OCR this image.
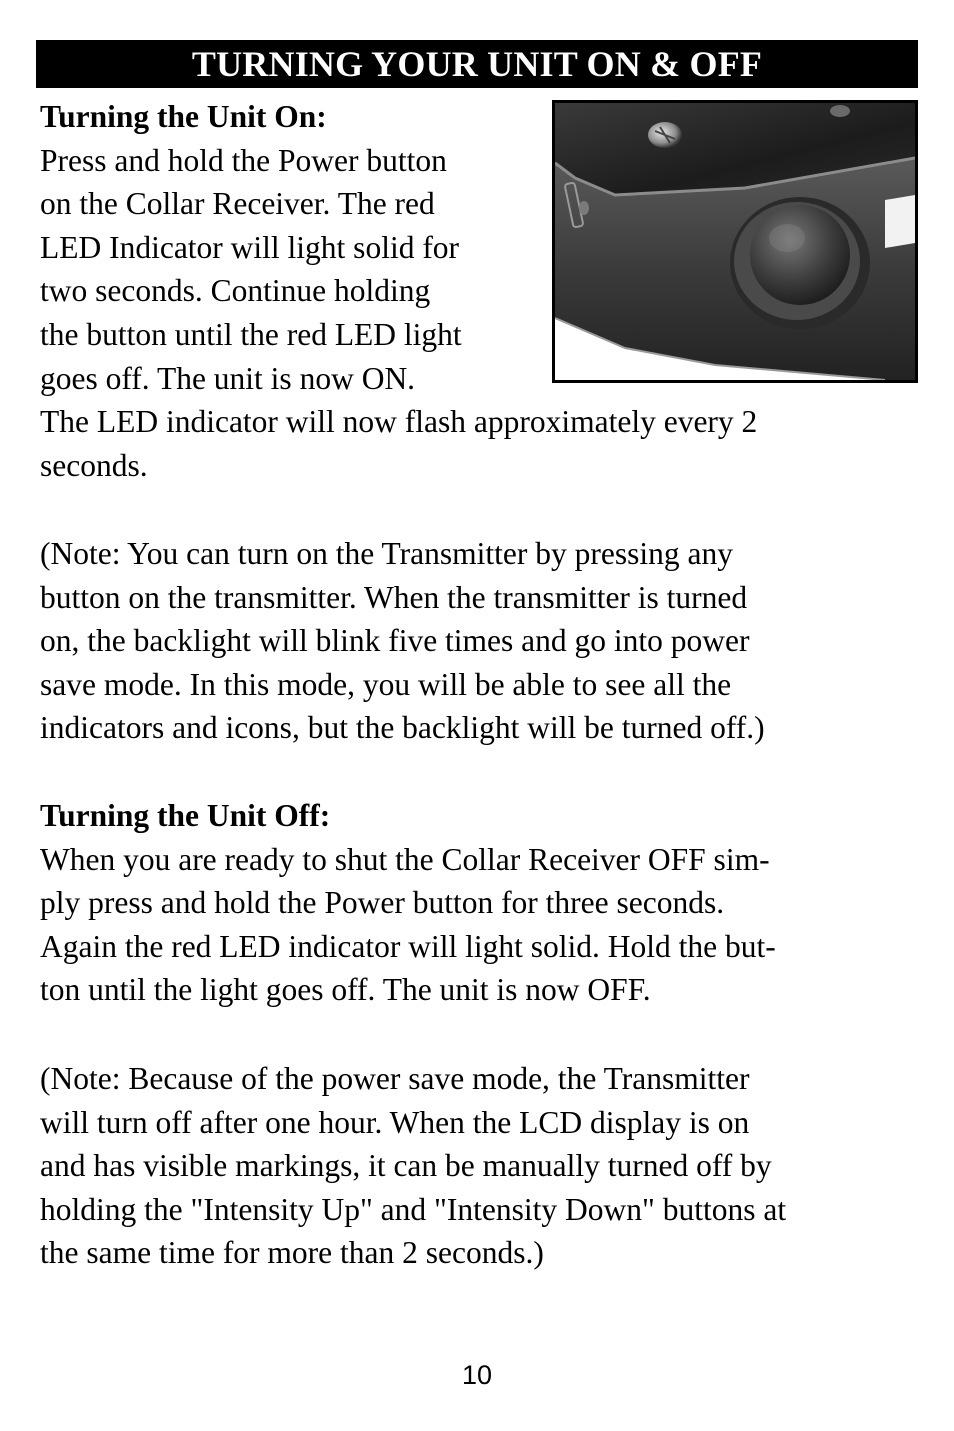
TURNING YOUR UNIT ON & OFF
Turning the Unit On:
Press and hold the Power button
on the Collar Receiver. The red
LED Indicator will light solid for
two seconds. Continue holding
the button until the red LED light
goes off. The unit is now ON.
The LED indicator will now flash approximately every 2
seconds.
(Note: You can turn on the Transmitter by pressing any
button on the transmitter. When the transmitter is turned
on, the backlight will blink five times and go into power
save mode. In this mode, you will be able to see all the
indicators and icons, but the backlight will be turned off.)
Turning the Unit Off:
When you are ready to shut the Collar Receiver OFF sim-
ply press and hold the Power button for three seconds.
Again the red LED indicator will light solid. Hold the but-
ton until the light goes off. The unit is now OFF.
(Note: Because of the power save mode, the Transmitter
will turn off after one hour. When the LCD display is on
and has visible markings, it can be manually turned off by
holding the "Intensity Up" and "Intensity Down" buttons at
the same time for more than 2 seconds.)
10
